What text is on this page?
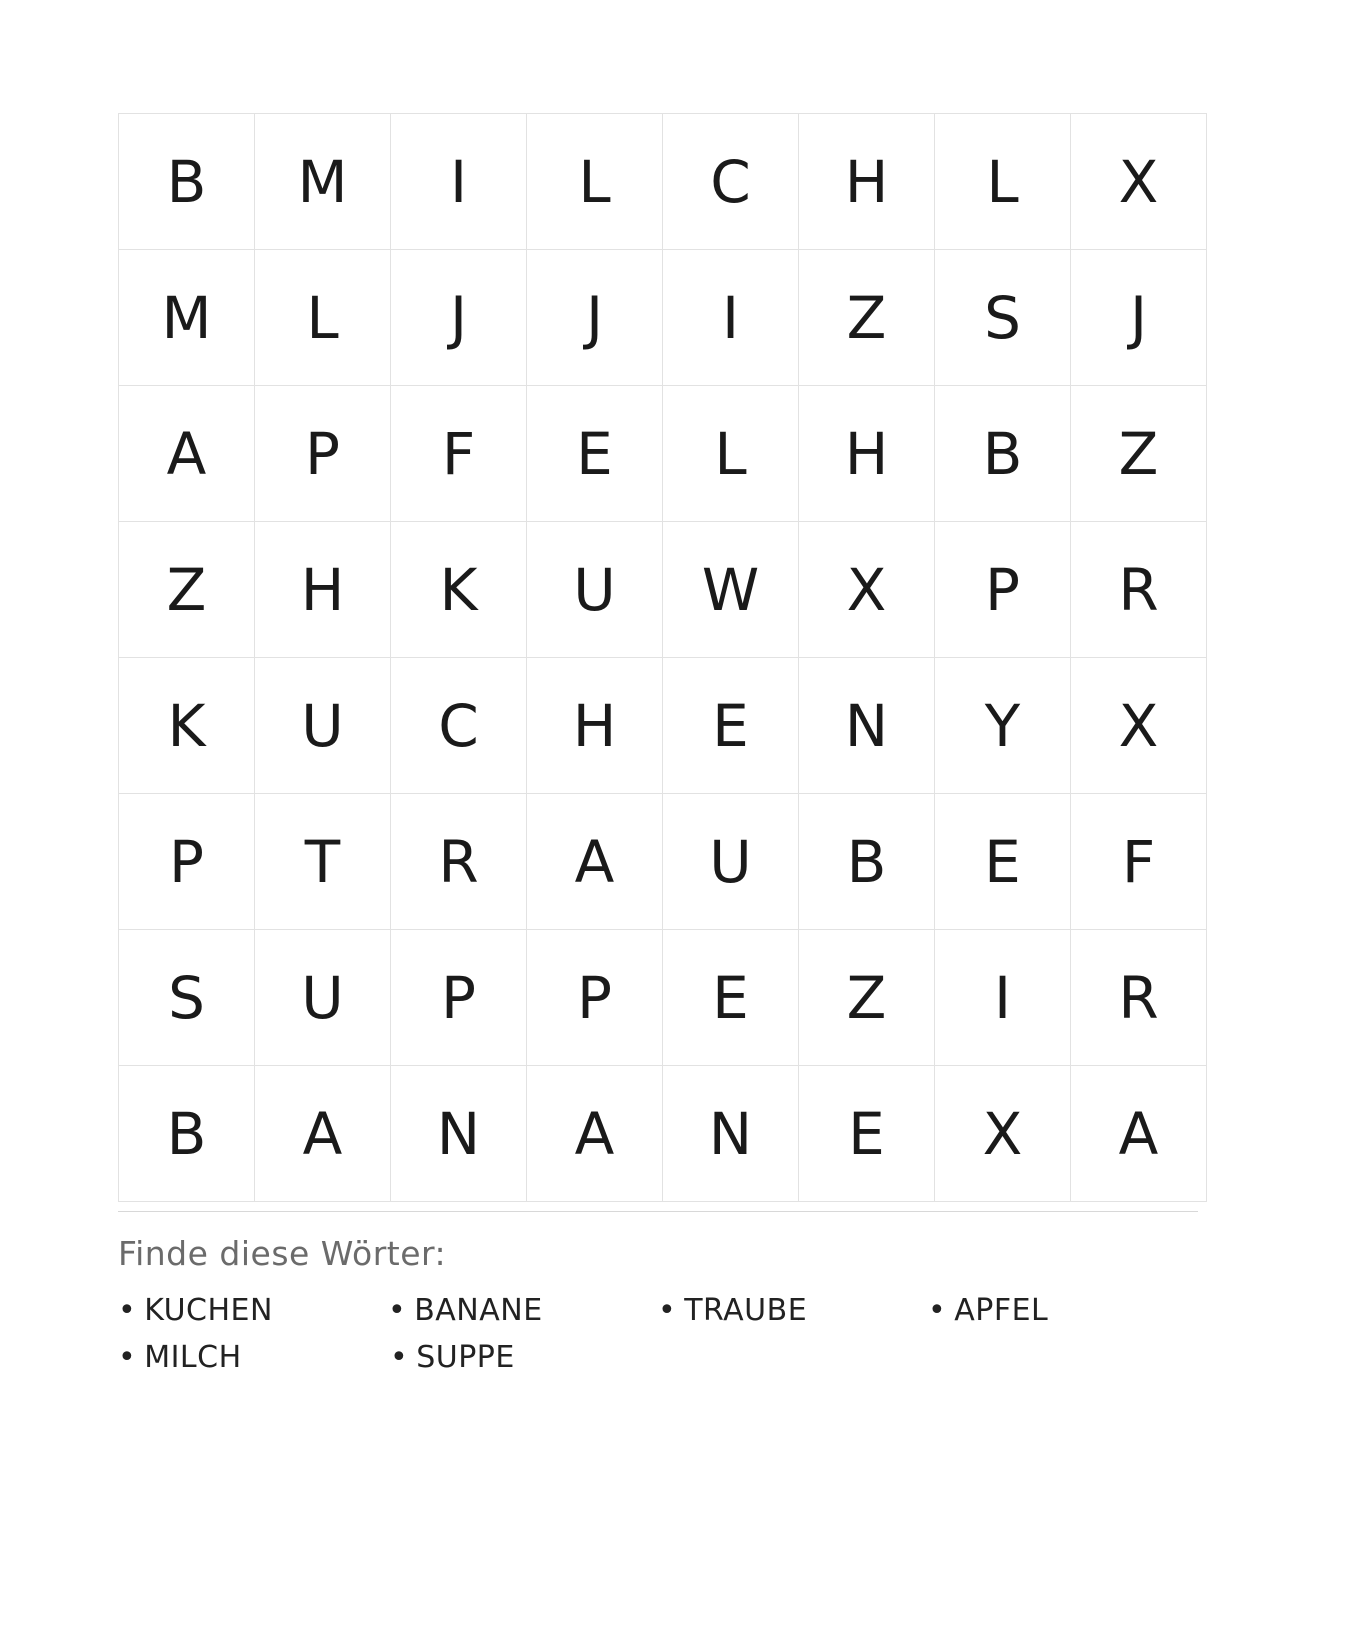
B	M	I	L	C	H	L	X
M	L	J	J	I	Z	S	J
A	P	F	E	L	H	B	Z
Z	H	K	U	W	X	P	R
K	U	C	H	E	N	Y	X
P	T	R	A	U	B	E	F
S	U	P	P	E	Z	I	R
B	A	N	A	N	E	X	A
Finde diese Wörter:
• KUCHEN	• BANANE	• TRAUBE	• APFEL
• MILCH	• SUPPE
